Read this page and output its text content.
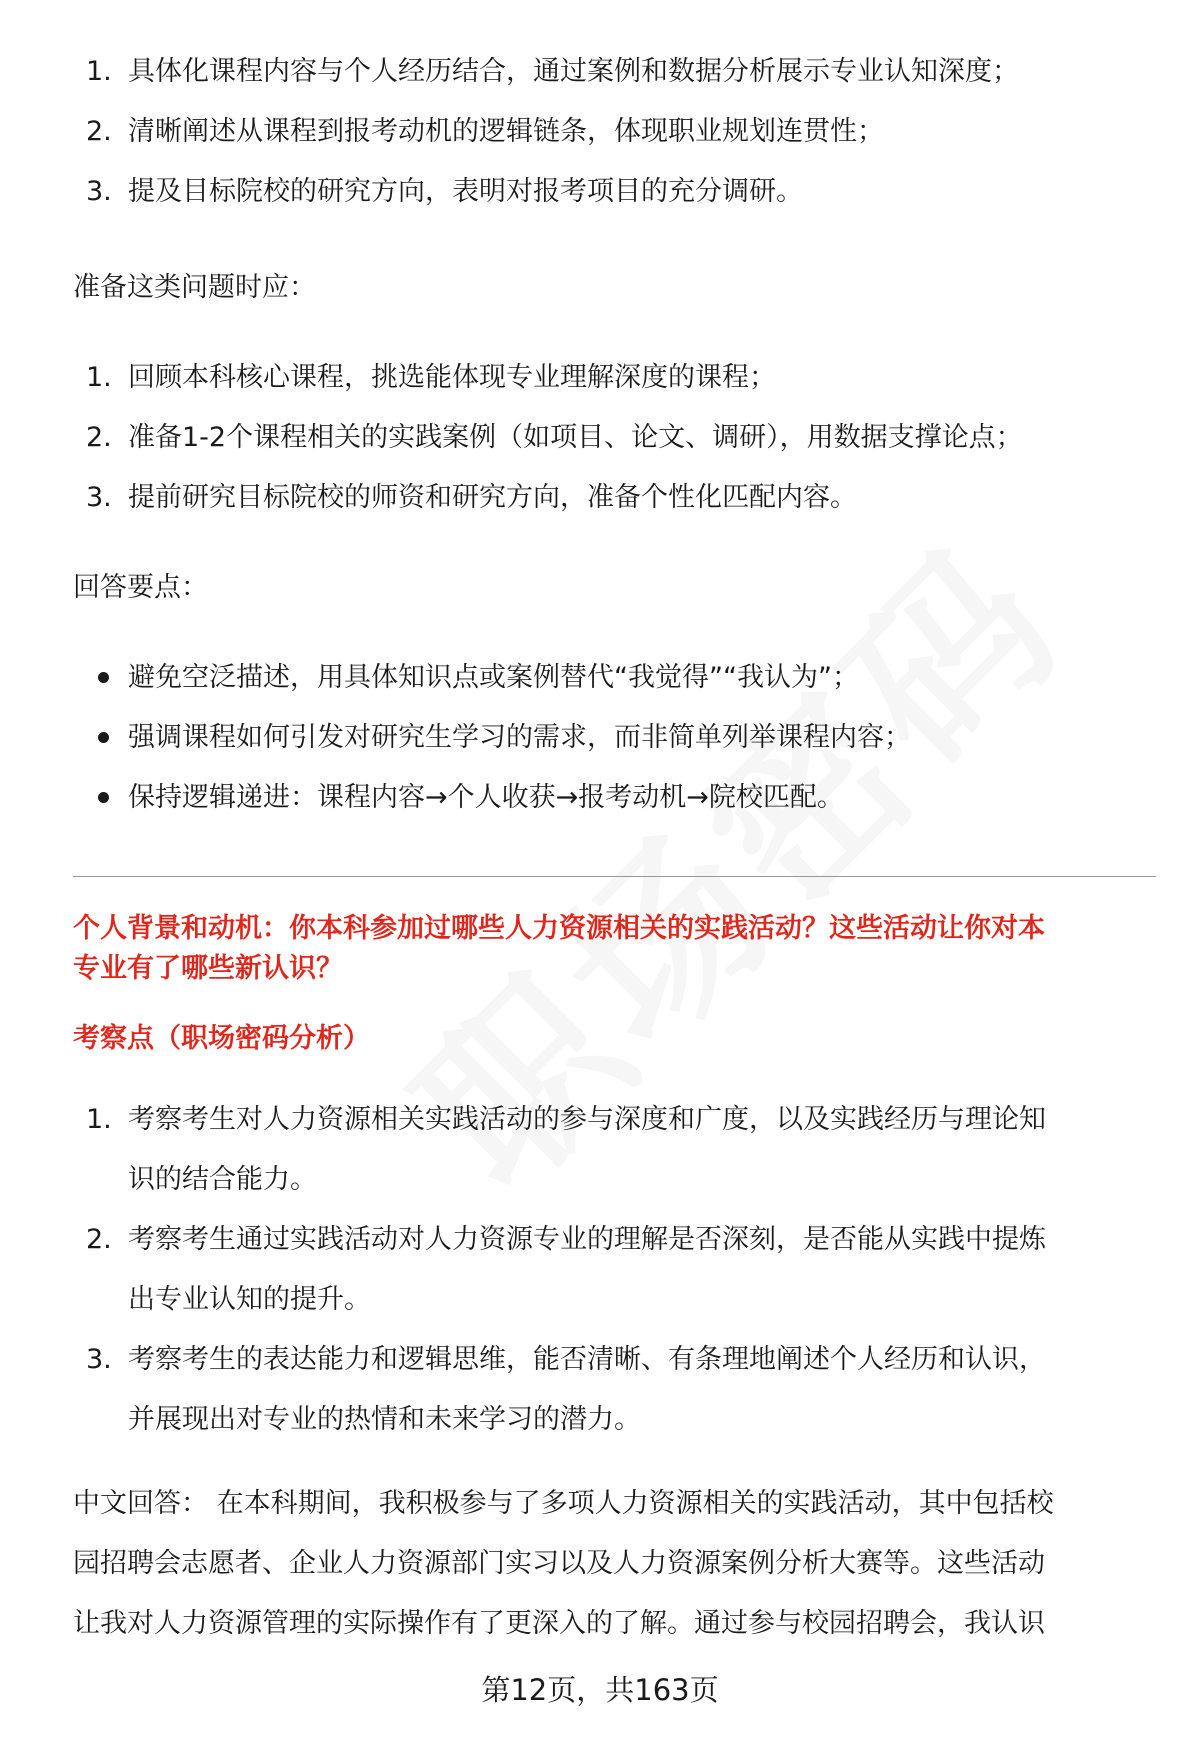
1. 具体化课程内容与个人经历结合，通过案例和数据分析展示专业认知深度；
2. 清晰阐述从课程到报考动机的逻辑链条，体现职业规划连贯性；
3. 提及目标院校的研究方向，表明对报考项目的充分调研。
准备这类问题时应：
1. 回顾本科核心课程，挑选能体现专业理解深度的课程；
2. 准备1-2个课程相关的实践案例（如项目、论文、调研），用数据支撑论点；
3. 提前研究目标院校的师资和研究方向，准备个性化匹配内容。
回答要点：
避免空泛描述，用具体知识点或案例替代“我觉得”“我认为”；
强调课程如何引发对研究生学习的需求，而非简单列举课程内容；
保持逻辑递进：课程内容→个人收获→报考动机→院校匹配。
个人背景和动机：你本科参加过哪些人力资源相关的实践活动？这些活动让你对本
专业有了哪些新认识？
考察点（职场密码分析）
1. 考察考生对人力资源相关实践活动的参与深度和广度，以及实践经历与理论知
识的结合能力。
2. 考察考生通过实践活动对人力资源专业的理解是否深刻，是否能从实践中提炼
出专业认知的提升。
3. 考察考生的表达能力和逻辑思维，能否清晰、有条理地阐述个人经历和认识，
并展现出对专业的热情和未来学习的潜力。
中文回答： 在本科期间，我积极参与了多项人力资源相关的实践活动，其中包括校
园招聘会志愿者、企业人力资源部门实习以及人力资源案例分析大赛等。这些活动
让我对人力资源管理的实际操作有了更深入的了解。通过参与校园招聘会，我认识
第12页，共163页
